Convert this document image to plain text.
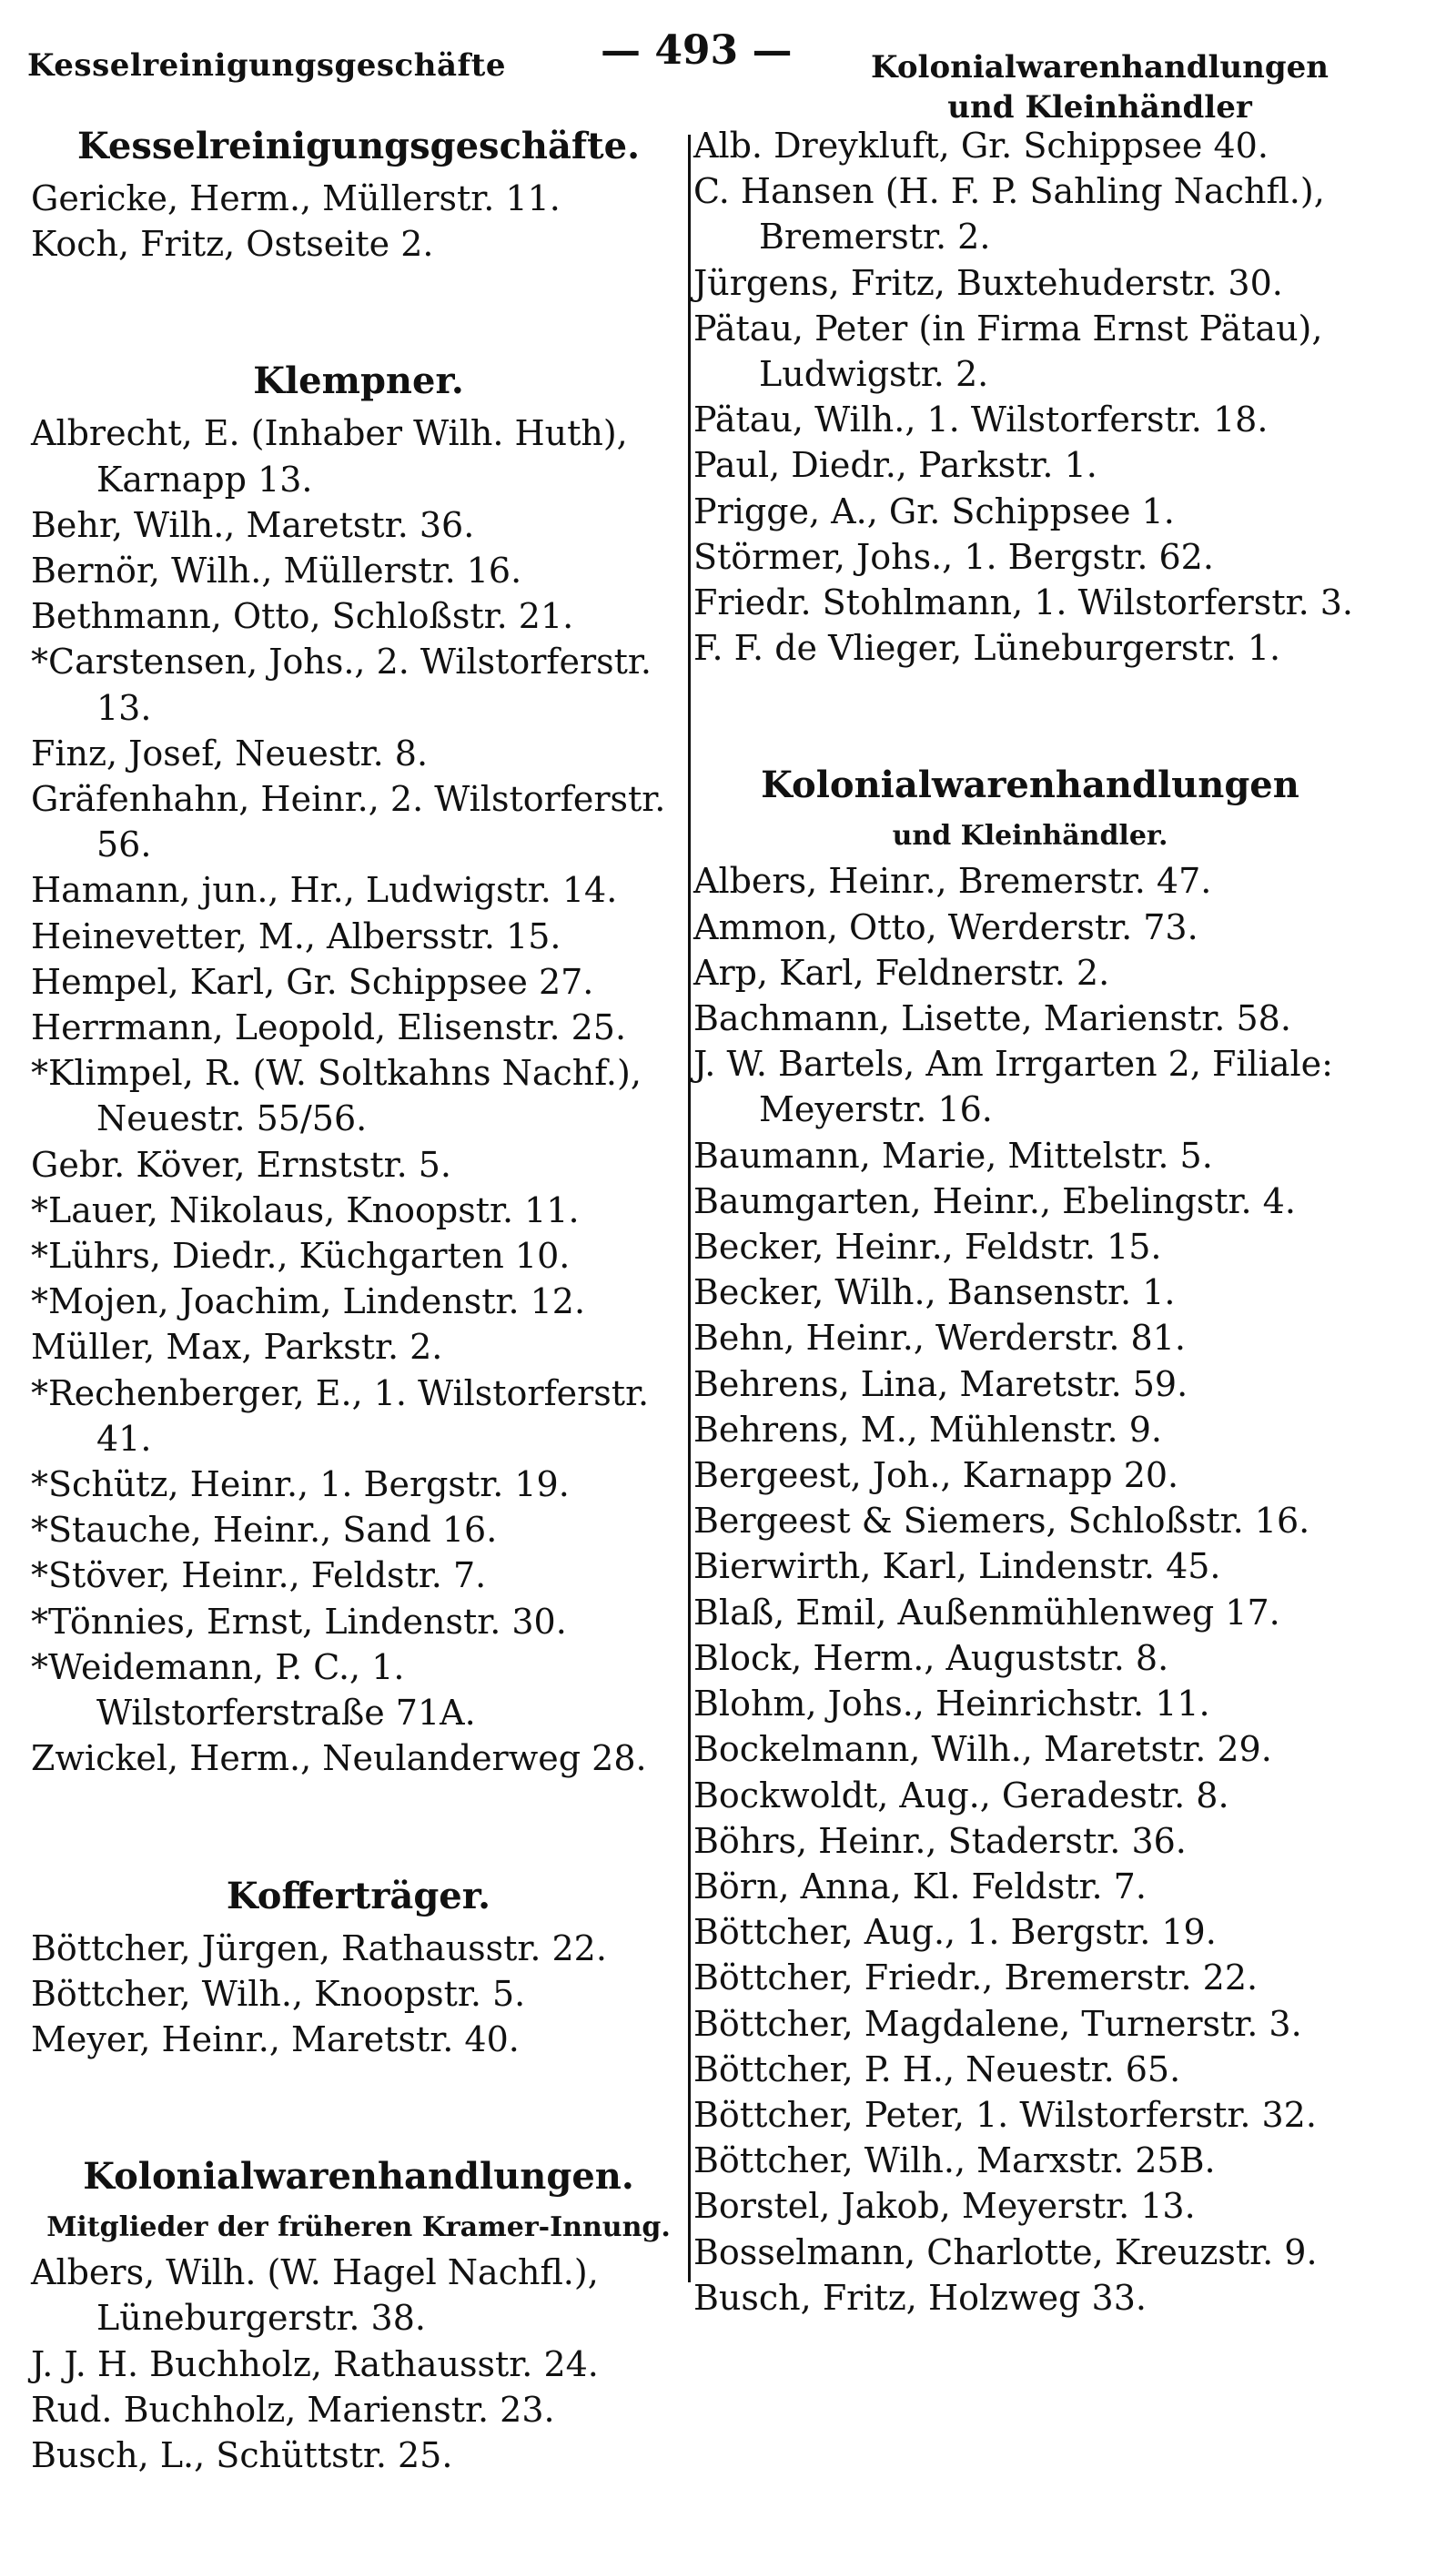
Kesselreinigungsgeschäfte — 493 —	Kolonialwarenhandlungen
und Kleinhändler
Kesselreinigungsgeschäfte.
Gericke, Herm., Müllerstr. 11.
Koch, Fritz, Ostseite 2.
Klempner.
Albrecht, E. (Inhaber Wilh. Huth), Karnapp 13.
Behr, Wilh., Maretstr. 36.
Bernör, Wilh., Müllerstr. 16.
Bethmann, Otto, Schloßstr. 21.
*Carstensen, Johs., 2. Wilstorferstr. 13.
Finz, Josef, Neuestr. 8.
Gräfenhahn, Heinr., 2. Wilstorferstr. 56.
Hamann, jun., Hr., Ludwigstr. 14.
Heinevetter, M., Albersstr. 15.
Hempel, Karl, Gr. Schippsee 27.
Herrmann, Leopold, Elisenstr. 25.
*Klimpel, R. (W. Soltkahns Nachf.), Neuestr. 55/56.
Gebr. Köver, Ernststr. 5.
*Lauer, Nikolaus, Knoopstr. 11.
*Lührs, Diedr., Küchgarten 10.
*Mojen, Joachim, Lindenstr. 12.
Müller, Max, Parkstr. 2.
*Rechenberger, E., 1. Wilstorferstr. 41.
*Schütz, Heinr., 1. Bergstr. 19.
*Stauche, Heinr., Sand 16.
*Stöver, Heinr., Feldstr. 7.
*Tönnies, Ernst, Lindenstr. 30.
*Weidemann, P. C., 1. Wilstorferstraße 71A.
Zwickel, Herm., Neulanderweg 28.
Kofferträger.
Böttcher, Jürgen, Rathausstr. 22.
Böttcher, Wilh., Knoopstr. 5.
Meyer, Heinr., Maretstr. 40.
Kolonialwarenhandlungen.
Mitglieder der früheren Kramer-Innung.
Albers, Wilh. (W. Hagel Nachfl.), Lüneburgerstr. 38.
J. J. H. Buchholz, Rathausstr. 24.
Rud. Buchholz, Marienstr. 23.
Busch, L., Schüttstr. 25.
Alb. Dreykluft, Gr. Schippsee 40.
C. Hansen (H. F. P. Sahling Nachfl.), Bremerstr. 2.
Jürgens, Fritz, Buxtehuderstr. 30.
Pätau, Peter (in Firma Ernst Pätau), Ludwigstr. 2.
Pätau, Wilh., 1. Wilstorferstr. 18.
Paul, Diedr., Parkstr. 1.
Prigge, A., Gr. Schippsee 1.
Störmer, Johs., 1. Bergstr. 62.
Friedr. Stohlmann, 1. Wilstorferstr. 3.
F. F. de Vlieger, Lüneburgerstr. 1.
Kolonialwarenhandlungen
und Kleinhändler.
Albers, Heinr., Bremerstr. 47.
Ammon, Otto, Werderstr. 73.
Arp, Karl, Feldnerstr. 2.
Bachmann, Lisette, Marienstr. 58.
J. W. Bartels, Am Irrgarten 2, Filiale: Meyerstr. 16.
Baumann, Marie, Mittelstr. 5.
Baumgarten, Heinr., Ebelingstr. 4.
Becker, Heinr., Feldstr. 15.
Becker, Wilh., Bansenstr. 1.
Behn, Heinr., Werderstr. 81.
Behrens, Lina, Maretstr. 59.
Behrens, M., Mühlenstr. 9.
Bergeest, Joh., Karnapp 20.
Bergeest & Siemers, Schloßstr. 16.
Bierwirth, Karl, Lindenstr. 45.
Blaß, Emil, Außenmühlenweg 17.
Block, Herm., Auguststr. 8.
Blohm, Johs., Heinrichstr. 11.
Bockelmann, Wilh., Maretstr. 29.
Bockwoldt, Aug., Geradestr. 8.
Böhrs, Heinr., Staderstr. 36.
Börn, Anna, Kl. Feldstr. 7.
Böttcher, Aug., 1. Bergstr. 19.
Böttcher, Friedr., Bremerstr. 22.
Böttcher, Magdalene, Turnerstr. 3.
Böttcher, P. H., Neuestr. 65.
Böttcher, Peter, 1. Wilstorferstr. 32.
Böttcher, Wilh., Marxstr. 25B.
Borstel, Jakob, Meyerstr. 13.
Bosselmann, Charlotte, Kreuzstr. 9.
Busch, Fritz, Holzweg 33.
